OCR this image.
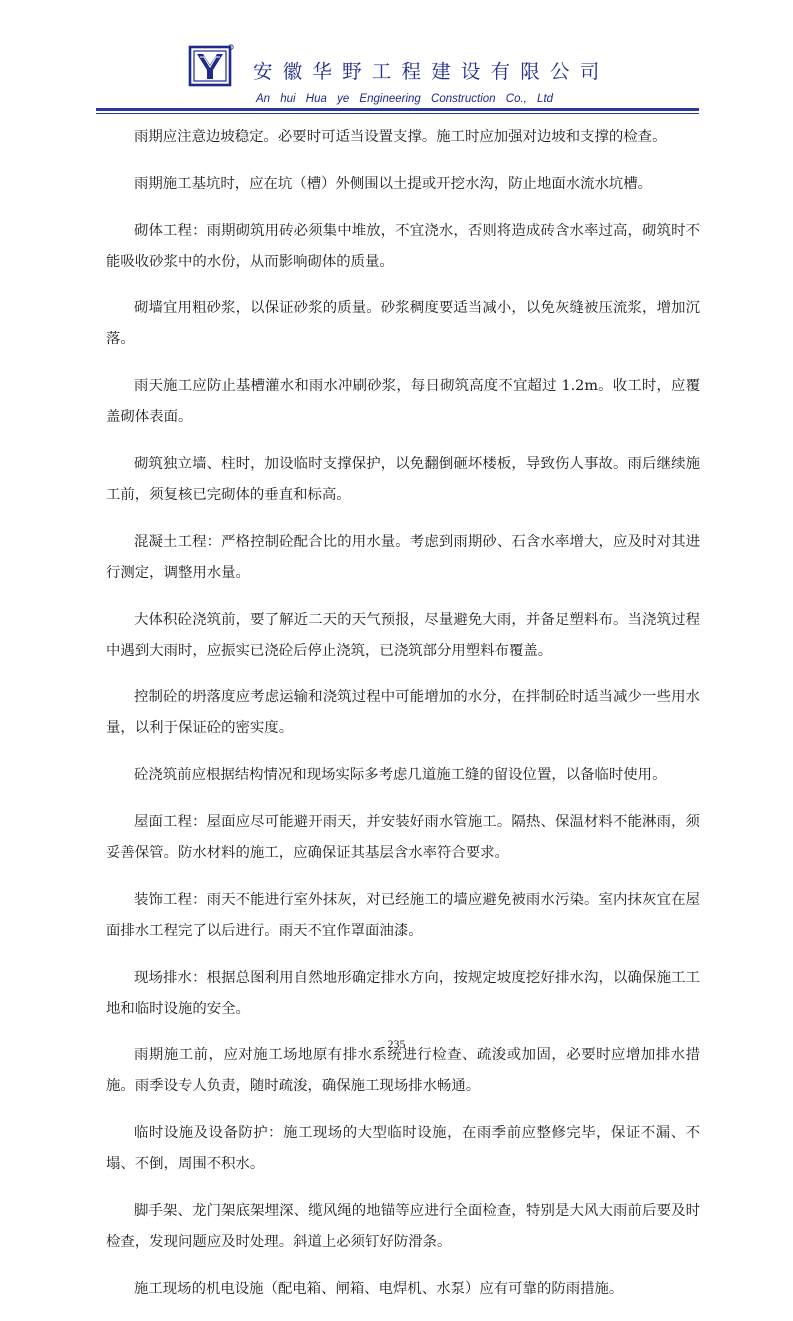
安徽华野工程建设有限公司
An hui Hua ye Engineering Construction Co., Ltd

雨期应注意边坡稳定。必要时可适当设置支撑。施工时应加强对边坡和支撑的检查。

雨期施工基坑时，应在坑（槽）外侧围以土提或开挖水沟，防止地面水流水坑槽。

砌体工程：雨期砌筑用砖必须集中堆放，不宜浇水，否则将造成砖含水率过高，砌筑时不能吸收砂浆中的水份，从而影响砌体的质量。

砌墙宜用粗砂浆，以保证砂浆的质量。砂浆稠度要适当减小，以免灰缝被压流浆，增加沉落。

雨天施工应防止基槽灌水和雨水冲刷砂浆，每日砌筑高度不宜超过 1.2m。收工时，应覆盖砌体表面。

砌筑独立墙、柱时，加设临时支撑保护，以免翻倒砸坏楼板，导致伤人事故。雨后继续施工前，须复核已完砌体的垂直和标高。

混凝土工程：严格控制砼配合比的用水量。考虑到雨期砂、石含水率增大，应及时对其进行测定，调整用水量。

大体积砼浇筑前，要了解近二天的天气预报，尽量避免大雨，并备足塑料布。当浇筑过程中遇到大雨时，应振实已浇砼后停止浇筑，已浇筑部分用塑料布覆盖。

控制砼的坍落度应考虑运输和浇筑过程中可能增加的水分，在拌制砼时适当减少一些用水量，以利于保证砼的密实度。

砼浇筑前应根据结构情况和现场实际多考虑几道施工缝的留设位置，以备临时使用。

屋面工程：屋面应尽可能避开雨天，并安装好雨水管施工。隔热、保温材料不能淋雨，须妥善保管。防水材料的施工，应确保证其基层含水率符合要求。

装饰工程：雨天不能进行室外抹灰，对已经施工的墙应避免被雨水污染。室内抹灰宜在屋面排水工程完了以后进行。雨天不宜作罩面油漆。

现场排水：根据总图利用自然地形确定排水方向，按规定坡度挖好排水沟，以确保施工工地和临时设施的安全。

雨期施工前，应对施工场地原有排水系统进行检查、疏浚或加固，必要时应增加排水措施。雨季设专人负责，随时疏浚，确保施工现场排水畅通。

临时设施及设备防护：施工现场的大型临时设施，在雨季前应整修完毕，保证不漏、不塌、不倒，周围不积水。

脚手架、龙门架底架埋深、缆风绳的地锚等应进行全面检查，特别是大风大雨前后要及时检查，发现问题应及时处理。斜道上必须钉好防滑条。

施工现场的机电设施（配电箱、闸箱、电焊机、水泵）应有可靠的防雨措施。

235
